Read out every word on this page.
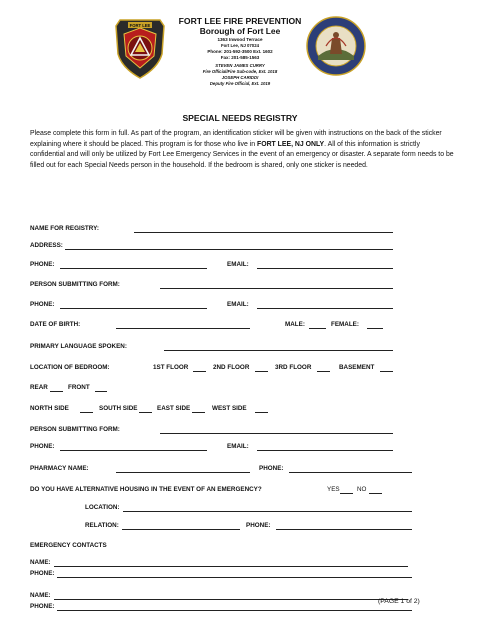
FORT LEE	FORT LEE FIRE PREVENTION
Borough of Fort Lee
1363 Inwood Terrace
Fort Lee, NJ 07024
Phone: 201-592-3500 Ext. 1602
Fax: 201-585-1563
STEVEN JAMES CURRY
Fire Official/Fire Sub-code, Ext. 1018
JOSEPH CARIDDI
Deputy Fire Official, Ext. 1019
SPECIAL NEEDS REGISTRY
Please complete this form in full. As part of the program, an identification sticker will be given with instructions on the back of the sticker explaining where it should be placed. This program is for those who live in FORT LEE, NJ ONLY. All of this information is strictly confidential and will only be utilized by Fort Lee Emergency Services in the event of an emergency or disaster. A separate form needs to be filled out for each Special Needs person in the household. If the bedroom is shared, only one sticker is needed.
NAME FOR REGISTRY:
ADDRESS:
PHONE:	EMAIL:
PERSON SUBMITTING FORM:
PHONE:	EMAIL:
DATE OF BIRTH:	MALE:	FEMALE:
PRIMARY LANGUAGE SPOKEN:
LOCATION OF BEDROOM:	1ST FLOOR	2ND FLOOR	3RD FLOOR	BASEMENT
REAR	FRONT
NORTH SIDE	SOUTH SIDE	EAST SIDE	WEST SIDE
PERSON SUBMITTING FORM:
PHONE:	EMAIL:
PHARMACY NAME:	PHONE:
DO YOU HAVE ALTERNATIVE HOUSING IN THE EVENT OF AN EMERGENCY?	YES	NO
LOCATION:
RELATION:	PHONE:
EMERGENCY CONTACTS
NAME:
PHONE:
NAME:
PHONE:
(PAGE 1 of 2)
